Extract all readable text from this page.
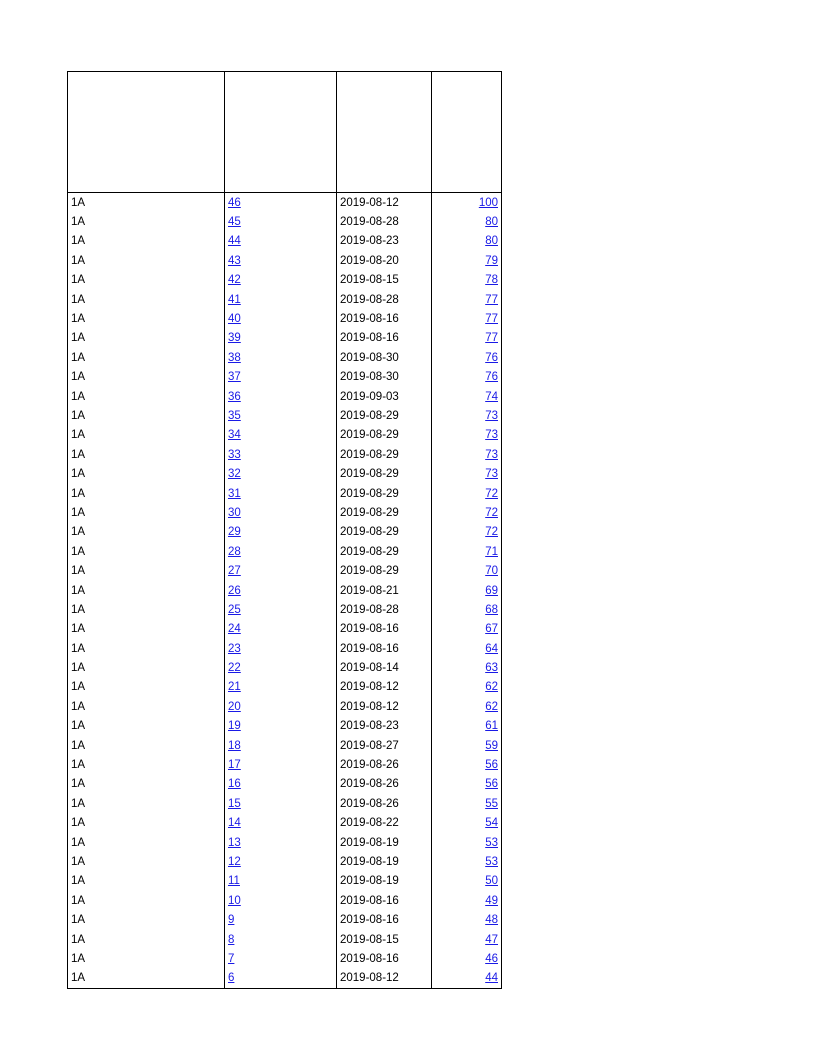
1A	46	2019-08-12	100
1A	45	2019-08-28	80
1A	44	2019-08-23	80
1A	43	2019-08-20	79
1A	42	2019-08-15	78
1A	41	2019-08-28	77
1A	40	2019-08-16	77
1A	39	2019-08-16	77
1A	38	2019-08-30	76
1A	37	2019-08-30	76
1A	36	2019-09-03	74
1A	35	2019-08-29	73
1A	34	2019-08-29	73
1A	33	2019-08-29	73
1A	32	2019-08-29	73
1A	31	2019-08-29	72
1A	30	2019-08-29	72
1A	29	2019-08-29	72
1A	28	2019-08-29	71
1A	27	2019-08-29	70
1A	26	2019-08-21	69
1A	25	2019-08-28	68
1A	24	2019-08-16	67
1A	23	2019-08-16	64
1A	22	2019-08-14	63
1A	21	2019-08-12	62
1A	20	2019-08-12	62
1A	19	2019-08-23	61
1A	18	2019-08-27	59
1A	17	2019-08-26	56
1A	16	2019-08-26	56
1A	15	2019-08-26	55
1A	14	2019-08-22	54
1A	13	2019-08-19	53
1A	12	2019-08-19	53
1A	11	2019-08-19	50
1A	10	2019-08-16	49
1A	9	2019-08-16	48
1A	8	2019-08-15	47
1A	7	2019-08-16	46
1A	6	2019-08-12	44
